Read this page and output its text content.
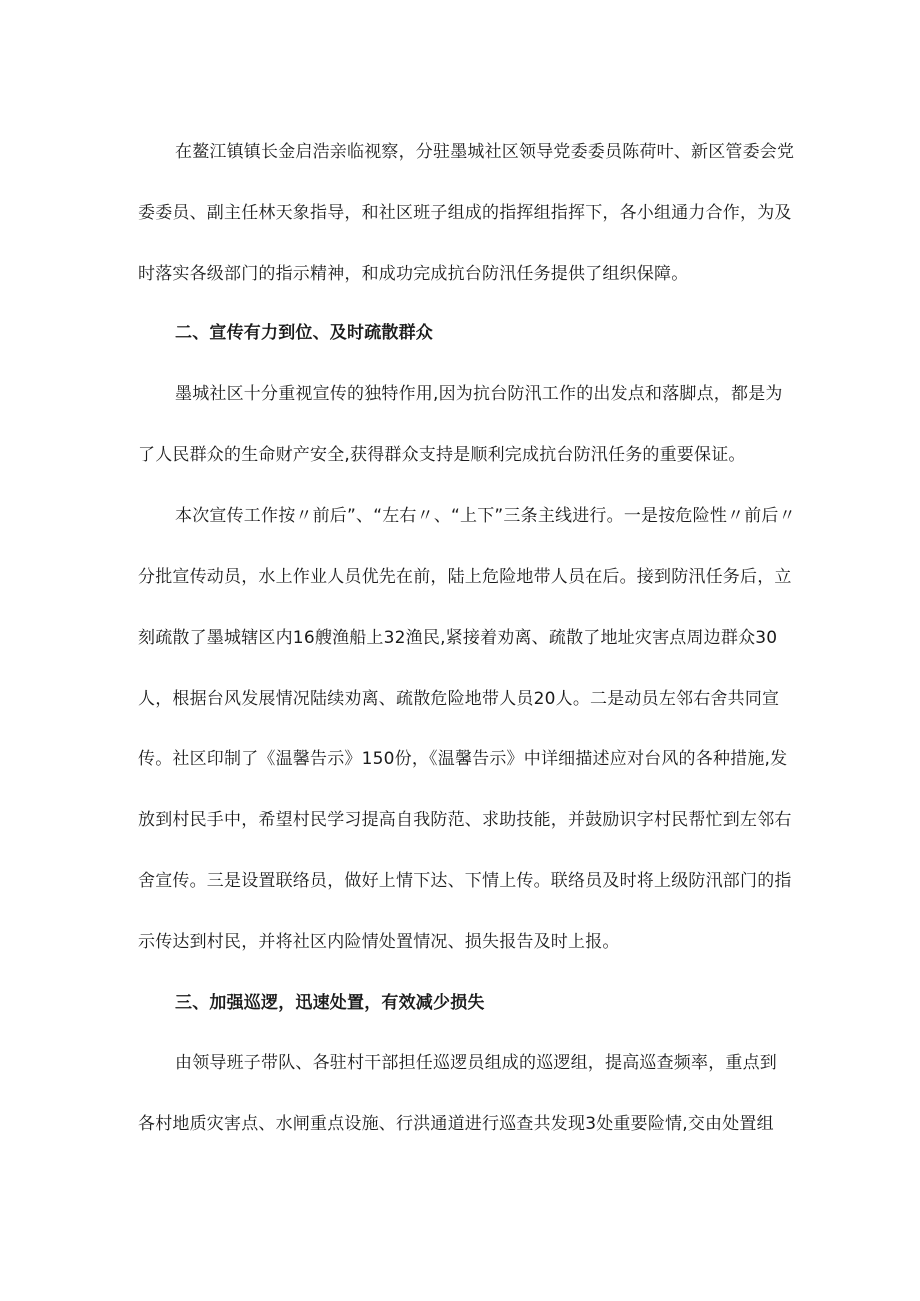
在鳌江镇镇长金启浩亲临视察，分驻墨城社区领导党委委员陈荷叶、新区管委会党
委委员、副主任林天象指导，和社区班子组成的指挥组指挥下，各小组通力合作，为及
时落实各级部门的指示精神，和成功完成抗台防汛任务提供了组织保障。
二、宣传有力到位、及时疏散群众
墨城社区十分重视宣传的独特作用,因为抗台防汛工作的出发点和落脚点，都是为
了人民群众的生命财产安全,获得群众支持是顺利完成抗台防汛任务的重要保证。
本次宣传工作按〃前后”、“左右〃、“上下”三条主线进行。一是按危险性〃前后〃
分批宣传动员，水上作业人员优先在前，陆上危险地带人员在后。接到防汛任务后，立
刻疏散了墨城辖区内16艘渔船上32渔民,紧接着劝离、疏散了地址灾害点周边群众30
人，根据台风发展情况陆续劝离、疏散危险地带人员20人。二是动员左邻右舍共同宣
传。社区印制了《温馨告示》150份，《温馨告示》中详细描述应对台风的各种措施,发
放到村民手中，希望村民学习提高自我防范、求助技能，并鼓励识字村民帮忙到左邻右
舍宣传。三是设置联络员，做好上情下达、下情上传。联络员及时将上级防汛部门的指
示传达到村民，并将社区内险情处置情况、损失报告及时上报。
三、加强巡逻，迅速处置，有效减少损失
由领导班子带队、各驻村干部担任巡逻员组成的巡逻组，提高巡查频率，重点到
各村地质灾害点、水闸重点设施、行洪通道进行巡查共发现3处重要险情,交由处置组
